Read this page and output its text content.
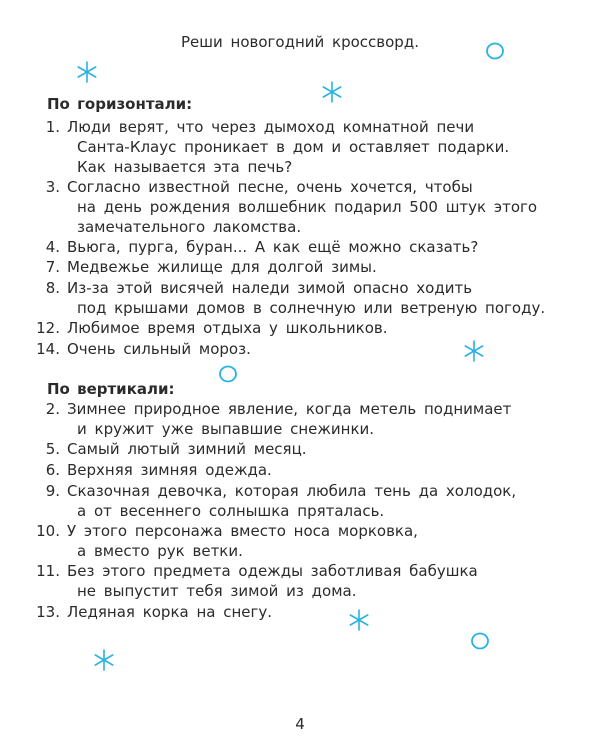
Реши новогодний кроссворд.
По горизонтали:
1. Люди верят, что через дымоход комнатной печи
Санта-Клаус проникает в дом и оставляет подарки.
Как называется эта печь?
3. Согласно известной песне, очень хочется, чтобы
на день рождения волшебник подарил 500 штук этого
замечательного лакомства.
4. Вьюга, пурга, буран... А как ещё можно сказать?
7. Медвежье жилище для долгой зимы.
8. Из-за этой висячей наледи зимой опасно ходить
под крышами домов в солнечную или ветреную погоду.
12. Любимое время отдыха у школьников.
14. Очень сильный мороз.
По вертикали:
2. Зимнее природное явление, когда метель поднимает
и кружит уже выпавшие снежинки.
5. Самый лютый зимний месяц.
6. Верхняя зимняя одежда.
9. Сказочная девочка, которая любила тень да холодок,
а от весеннего солнышка пряталась.
10. У этого персонажа вместо носа морковка,
а вместо рук ветки.
11. Без этого предмета одежды заботливая бабушка
не выпустит тебя зимой из дома.
13. Ледяная корка на снегу.
4
